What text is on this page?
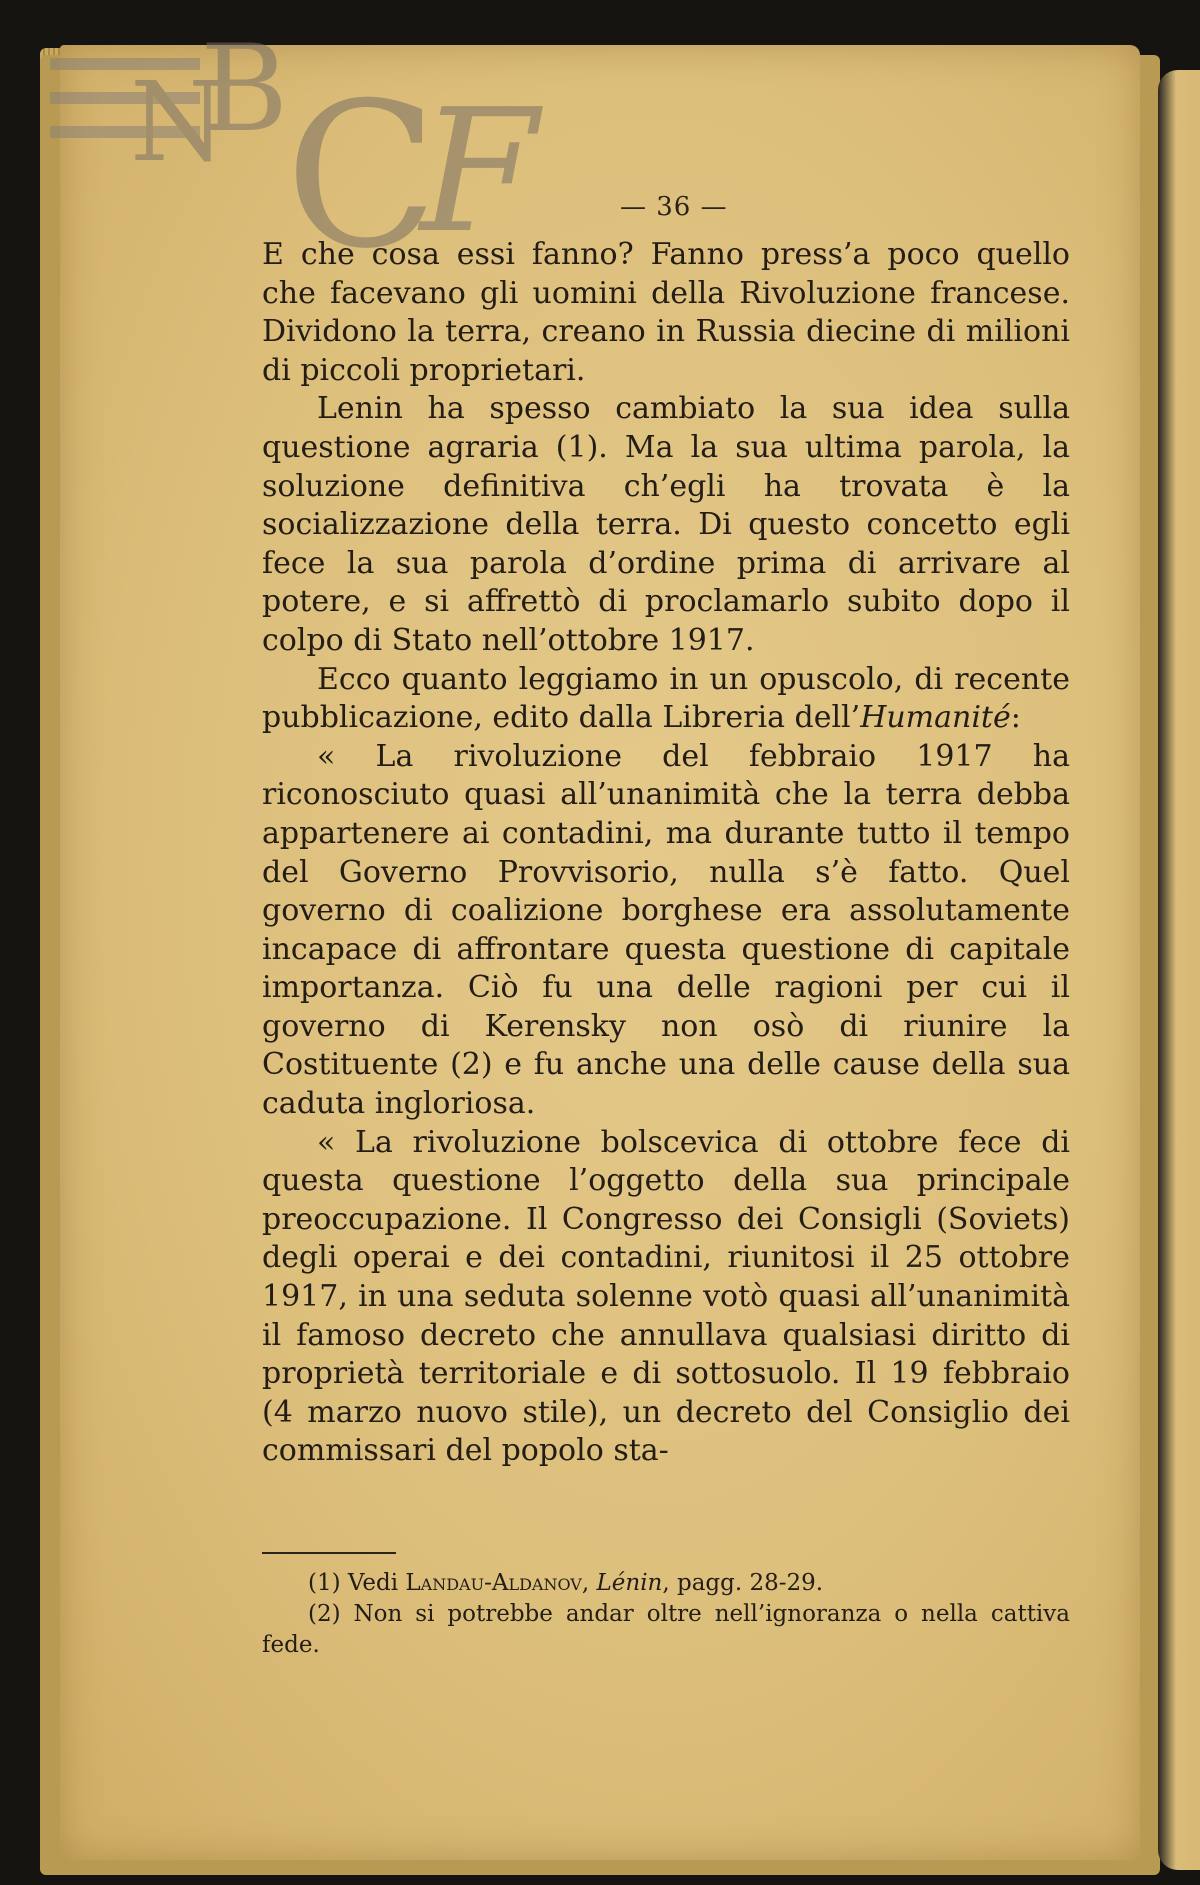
N
B
C
F	— 36 —

E che cosa essi fanno? Fanno press’a poco quello che facevano gli uomini della Rivoluzione francese. Dividono la terra, creano in Russia diecine di milioni di piccoli proprietari.

Lenin ha spesso cambiato la sua idea sulla questione agraria (1). Ma la sua ultima parola, la soluzione definitiva ch’egli ha trovata è la socializzazione della terra. Di questo concetto egli fece la sua parola d’ordine prima di arrivare al potere, e si affrettò di proclamarlo subito dopo il colpo di Stato nell’ottobre 1917.

Ecco quanto leggiamo in un opuscolo, di recente pubblicazione, edito dalla Libreria dell’Humanité:

« La rivoluzione del febbraio 1917 ha riconosciuto quasi all’unanimità che la terra debba appartenere ai contadini, ma durante tutto il tempo del Governo Provvisorio, nulla s’è fatto. Quel governo di coalizione borghese era assolutamente incapace di affrontare questa questione di capitale importanza. Ciò fu una delle ragioni per cui il governo di Kerensky non osò di riunire la Costituente (2) e fu anche una delle cause della sua caduta ingloriosa.

« La rivoluzione bolscevica di ottobre fece di questa questione l’oggetto della sua principale preoccupazione. Il Congresso dei Consigli (Soviets) degli operai e dei contadini, riunitosi il 25 ottobre 1917, in una seduta solenne votò quasi all’unanimità il famoso decreto che annullava qualsiasi diritto di proprietà territoriale e di sottosuolo. Il 19 febbraio (4 marzo nuovo stile), un decreto del Consiglio dei commissari del popolo sta-

(1) Vedi Landau-Aldanov, Lénin, pagg. 28-29.

(2) Non si potrebbe andar oltre nell’ignoranza o nella cattiva fede.
